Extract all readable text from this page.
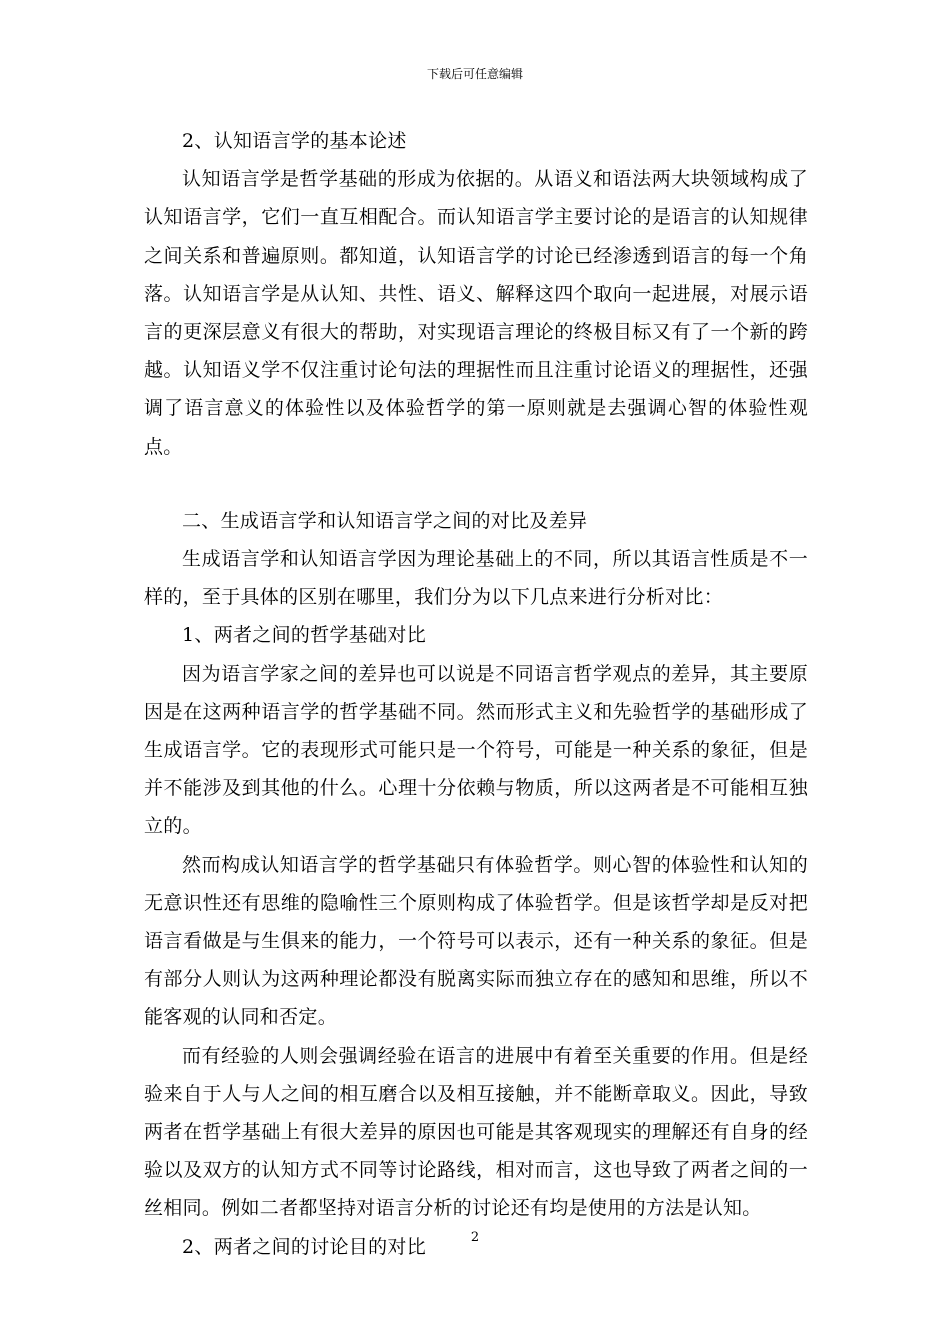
下载后可任意编辑

2、认知语言学的基本论述

认知语言学是哲学基础的形成为依据的。从语义和语法两大块领域构成了认知语言学，它们一直互相配合。而认知语言学主要讨论的是语言的认知规律之间关系和普遍原则。都知道，认知语言学的讨论已经渗透到语言的每一个角落。认知语言学是从认知、共性、语义、解释这四个取向一起进展，对展示语言的更深层意义有很大的帮助，对实现语言理论的终极目标又有了一个新的跨越。认知语义学不仅注重讨论句法的理据性而且注重讨论语义的理据性，还强调了语言意义的体验性以及体验哲学的第一原则就是去强调心智的体验性观点。

二、生成语言学和认知语言学之间的对比及差异

生成语言学和认知语言学因为理论基础上的不同，所以其语言性质是不一样的，至于具体的区别在哪里，我们分为以下几点来进行分析对比：

1、两者之间的哲学基础对比

因为语言学家之间的差异也可以说是不同语言哲学观点的差异，其主要原因是在这两种语言学的哲学基础不同。然而形式主义和先验哲学的基础形成了生成语言学。它的表现形式可能只是一个符号，可能是一种关系的象征，但是并不能涉及到其他的什么。心理十分依赖与物质，所以这两者是不可能相互独立的。

然而构成认知语言学的哲学基础只有体验哲学。则心智的体验性和认知的无意识性还有思维的隐喻性三个原则构成了体验哲学。但是该哲学却是反对把语言看做是与生俱来的能力，一个符号可以表示，还有一种关系的象征。但是有部分人则认为这两种理论都没有脱离实际而独立存在的感知和思维，所以不能客观的认同和否定。

而有经验的人则会强调经验在语言的进展中有着至关重要的作用。但是经验来自于人与人之间的相互磨合以及相互接触，并不能断章取义。因此，导致两者在哲学基础上有很大差异的原因也可能是其客观现实的理解还有自身的经验以及双方的认知方式不同等讨论路线，相对而言，这也导致了两者之间的一丝相同。例如二者都坚持对语言分析的讨论还有均是使用的方法是认知。

2、两者之间的讨论目的对比	2
